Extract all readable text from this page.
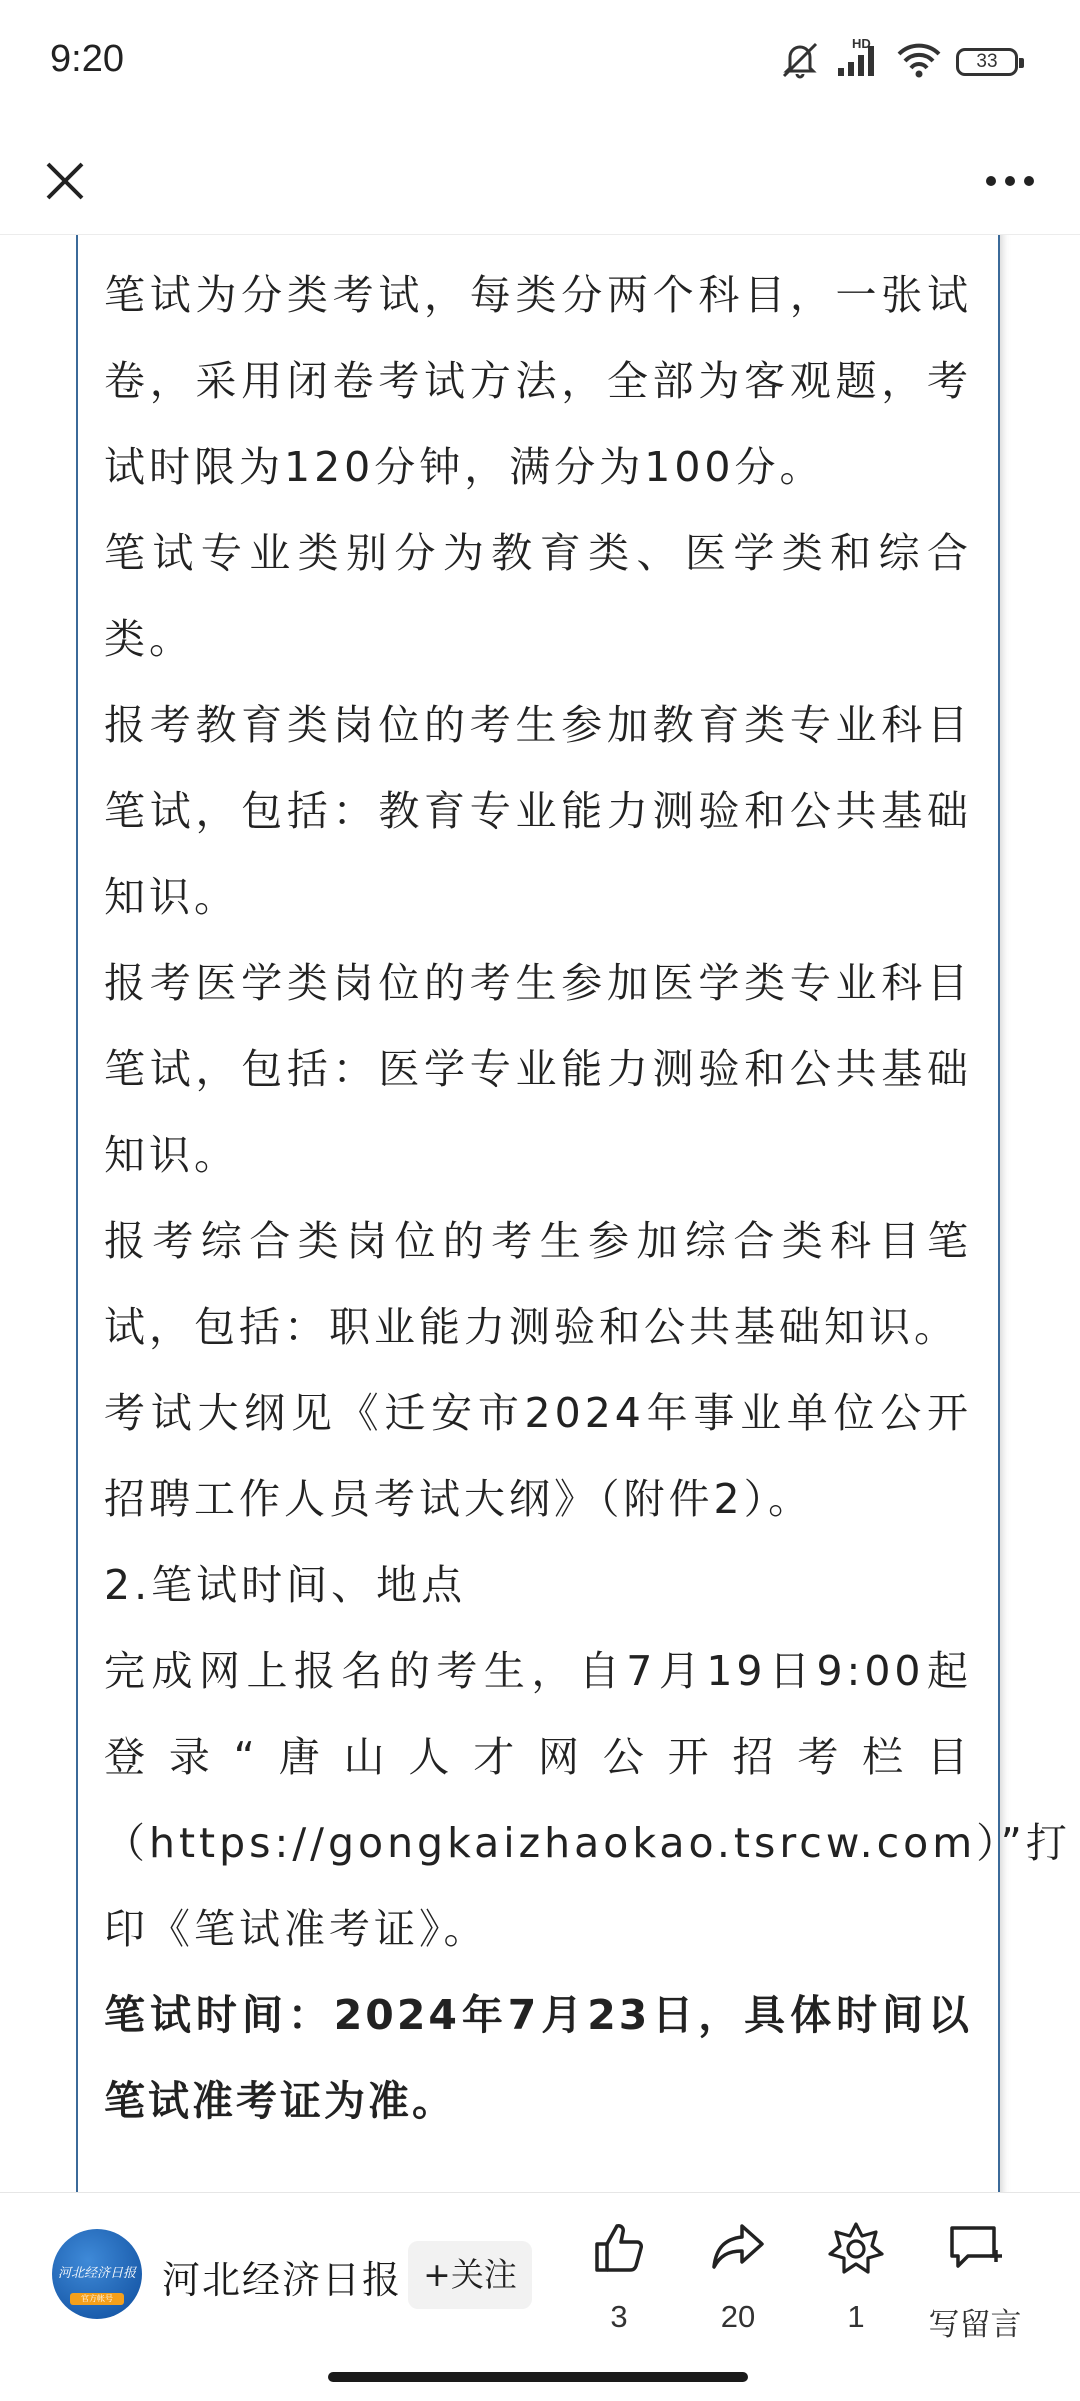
9:20	HD
33

笔试为分类考试，每类分两个科目，一张试卷，采用闭卷考试方法，全部为客观题，考试时限为120分钟，满分为100分。

笔试专业类别分为教育类、医学类和综合类。

报考教育类岗位的考生参加教育类专业科目笔试，包括：教育专业能力测验和公共基础知识。

报考医学类岗位的考生参加医学类专业科目笔试，包括：医学专业能力测验和公共基础知识。

报考综合类岗位的考生参加综合类科目笔试，包括：职业能力测验和公共基础知识。

考试大纲见《迁安市2024年事业单位公开招聘工作人员考试大纲》（附件2）。

2.笔试时间、地点

完成网上报名的考生，自7月19日9:00起登录“唐山人才网公开招考栏目（https://gongkaizhaokao.tsrcw.com）”打印《笔试准考证》。

笔试时间：2024年7月23日，具体时间以笔试准考证为准。

河北经济日报
官方帐号 河北经济日报 +关注
3	20	1	写留言
